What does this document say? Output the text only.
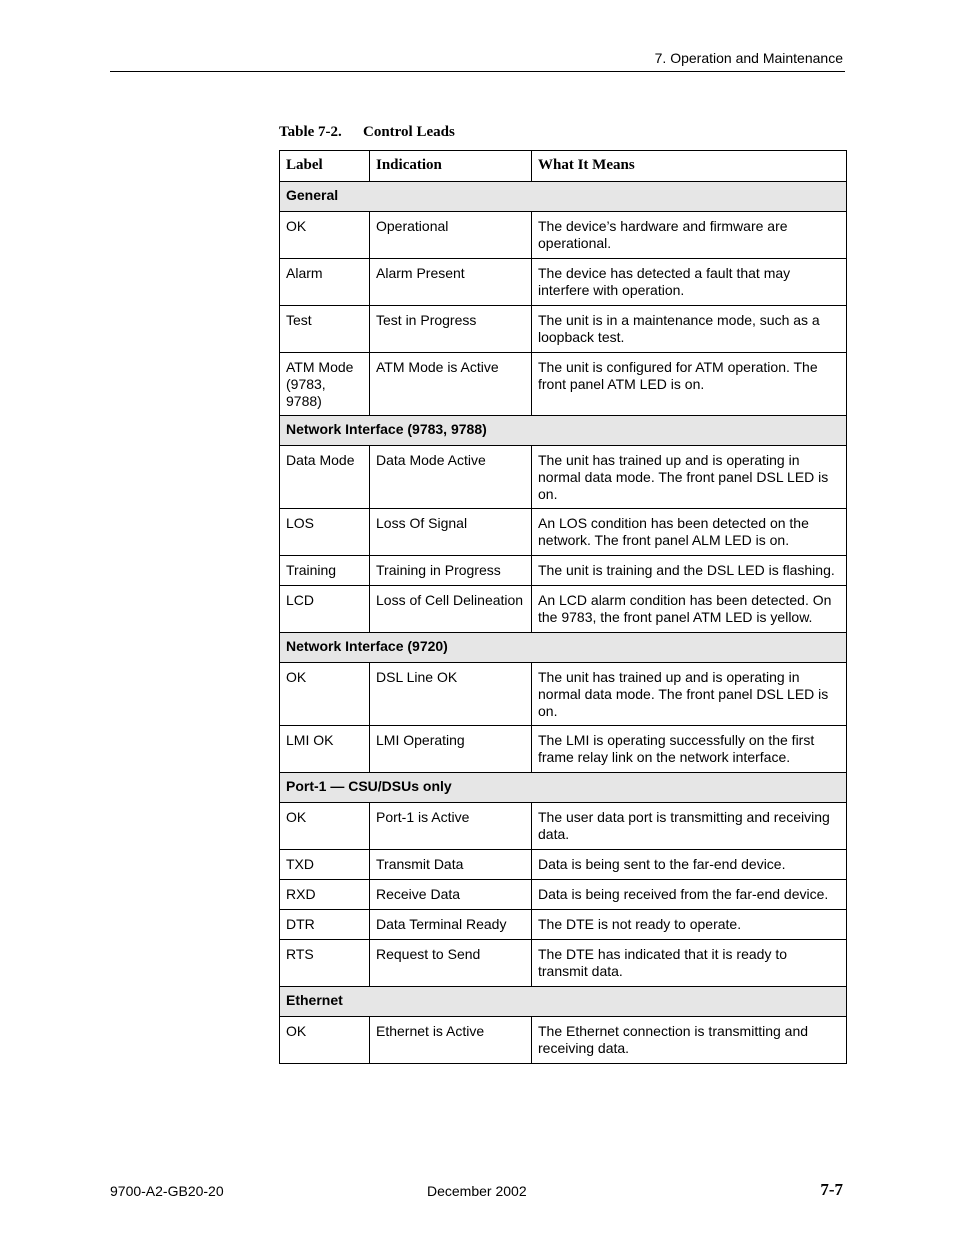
7. Operation and Maintenance
Table 7-2. Control Leads
Label	Indication	What It Means
General		
OK	Operational	The device’s hardware and firmware are operational.
Alarm	Alarm Present	The device has detected a fault that may interfere with operation.
Test	Test in Progress	The unit is in a maintenance mode, such as a loopback test.
ATM Mode (9783, 9788)	ATM Mode is Active	The unit is configured for ATM operation. The front panel ATM LED is on.
Network Interface (9783, 9788)		
Data Mode	Data Mode Active	The unit has trained up and is operating in normal data mode. The front panel DSL LED is on.
LOS	Loss Of Signal	An LOS condition has been detected on the network. The front panel ALM LED is on.
Training	Training in Progress	The unit is training and the DSL LED is flashing.
LCD	Loss of Cell Delineation	An LCD alarm condition has been detected. On the 9783, the front panel ATM LED is yellow.
Network Interface (9720)		
OK	DSL Line OK	The unit has trained up and is operating in normal data mode. The front panel DSL LED is on.
LMI OK	LMI Operating	The LMI is operating successfully on the first frame relay link on the network interface.
Port-1 — CSU/DSUs only		
OK	Port-1 is Active	The user data port is transmitting and receiving data.
TXD	Transmit Data	Data is being sent to the far-end device.
RXD	Receive Data	Data is being received from the far-end device.
DTR	Data Terminal Ready	The DTE is not ready to operate.
RTS	Request to Send	The DTE has indicated that it is ready to transmit data.
Ethernet		
OK	Ethernet is Active	The Ethernet connection is transmitting and receiving data.
9700-A2-GB20-20	December 2002	7-7
